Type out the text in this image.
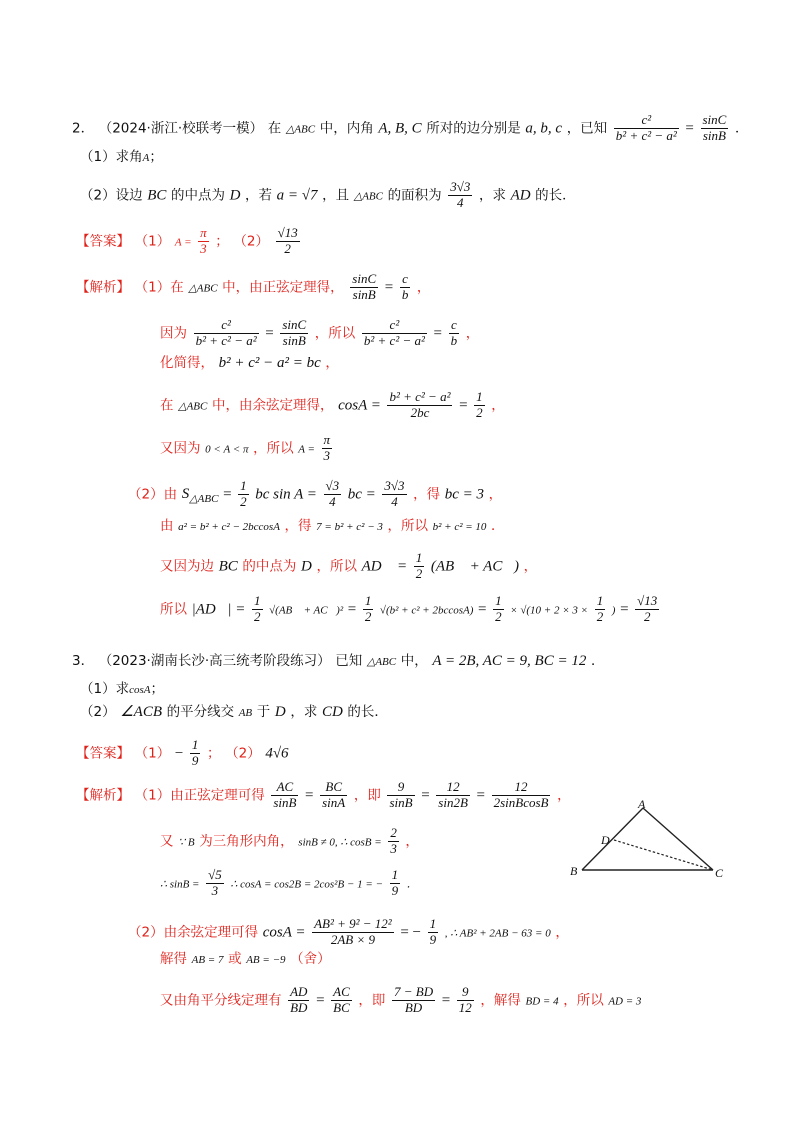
2． （2024·浙江·校联考一模） 在 △ABC 中，内角 A, B, C 所对的边分别是 a, b, c ，已知 $\frac{\text{c²}}{\text{b² + c² − a²}} = \frac{\sin C}{\sin B}$ ．
（1）求角A；
（2）设边 BC 的中点为 D ，若 a = √7 ，且 △ABC 的面积为 $\frac{3√3}{4}$ ，求 AD 的长．
【答案】 （1） $A = \frac{\pi}{3}$ ； $(2) \frac{√13}{2}$
【解析】 （1）在 △ABC 中，由正弦定理得， $\frac{\sin C}{\sin B} = \frac{c}{b}$ ，
因为 $\frac{\text{c²}}{\text{b² + c² − a²}} = \frac{\sin C}{\sin B}$ ，所以 $\frac{\text{c²}}{\text{b² + c² − a²}} = \frac{c}{b}$ ，
化简得， b² + c² − a² = bc ，
在 △ABC 中，由余弦定理得， $\cos A = \frac{\text{b² + c² − a²}}{2bc} = \frac{1}{2}$ ，
又因为 0 < A < π ，所以 $A = \frac{\pi}{3}$
（2）由 $S_{\triangle ABC} = \frac{1}{2}$ bc $\sin A = \frac{√3}{4}$ bc = $\frac{3√3}{4}$ ，得 bc = 3 ，
由 a² = b² + c² − 2bccosA ，得 7 = b² + c² − 3 ，所以 b² + c² = 10 ．
又因为边 BC 的中点为 D ，所以 AD⃗ = $\frac{1}{2}$ (AB⃗ + AC⃗) ，
所以 |AD⃗| = $\frac{1}{2}$ √(AB⃗ + AC⃗)² = $\frac{1}{2} √(b^2 + c^2 + 2bccosA) = \frac{1}{2} \times √(10 + 2 \times 3 \times \frac{1}{2}$ ) = $\frac{√13}{2}$
3． （2023·湖南长沙·高三统考阶段练习） 已知 △ABC 中， A = 2B, AC = 9, BC = 12 ．
（1）求cosA；
（2） ∠ACB 的平分线交 AB 于 D ，求 CD 的长．
【答案】 $(1) - \frac{1}{9}$ ； （2） 4√6
【解析】 （1）由正弦定理可得 $\frac{AC}{\sin B} = \frac{BC}{\sin A}$ ，即 $\frac{9}{\sin B} = \frac{12}{\sin 2B} = \frac{12}{\text{2sinBcosB}}$ ，
又 ∵ B 为三角形内角， sinB ≠ 0, ∴ $\cos B = \frac{2}{3}$ ，
∴ $\sin B = \frac{√5}{3}$ ∴ cosA = cos2B = 2cos²B − 1 = − $\frac{1}{9}$ ．
（2）由余弦定理可得 $\cos A = \frac{\text{AB² + 9² − 12²}}{2AB \times 9}$ = − $\frac{1}{9}$ , ∴ AB² + 2AB − 63 = 0 ，
解得 AB = 7 或 AB = −9 （舍）
又由角平分线定理有 $\frac{AD}{BD} = \frac{AC}{BC}$ ，即 $\frac{7 - BD}{BD} = \frac{9}{12}$ ，解得 BD = 4 ，所以 AD = 3
A
D
B	C
